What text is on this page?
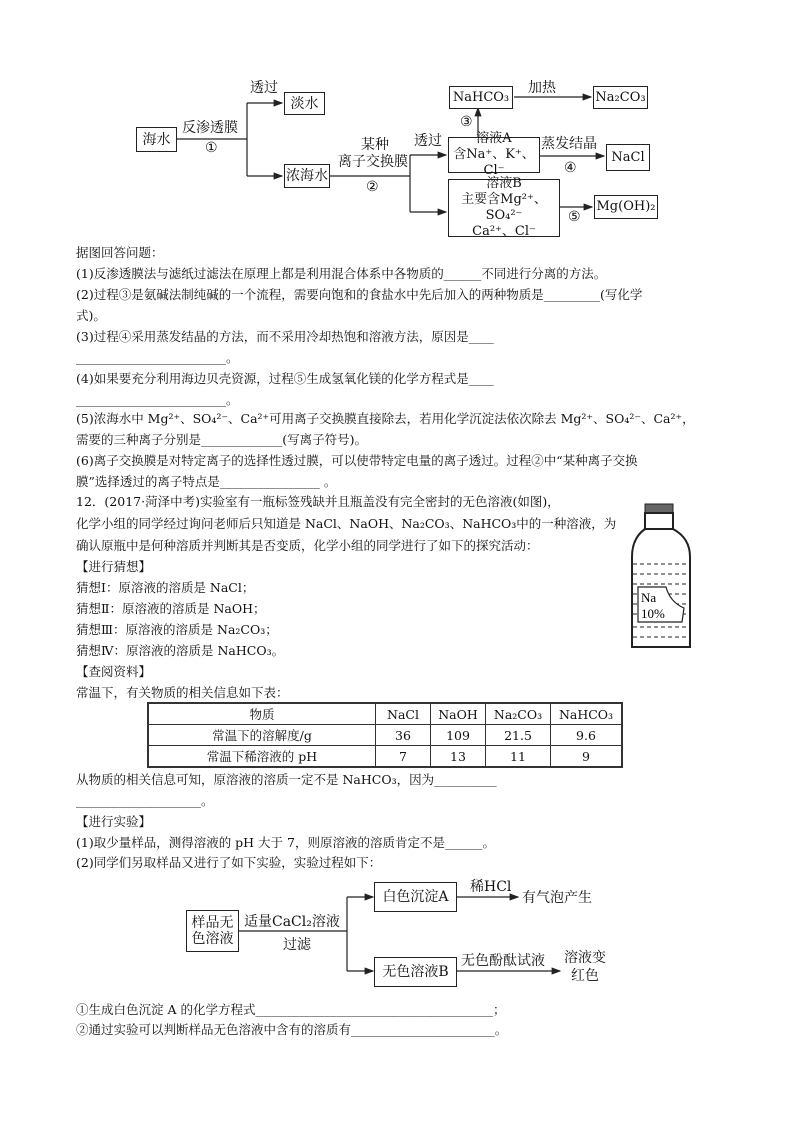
海水
反渗透膜
①
透过
淡水
浓海水
某种
离子交换膜
②
透过	溶液A
含Na⁺、K⁺、Cl⁻
NaHCO₃
③
加热
Na₂CO₃
蒸发结晶
④
NaCl
溶液B
主要含Mg²⁺、SO₄²⁻
Ca²⁺、Cl⁻
⑤
Mg(OH)₂
据图回答问题：
(1)反渗透膜法与滤纸过滤法在原理上都是利用混合体系中各物质的______不同进行分离的方法。
(2)过程③是氨碱法制纯碱的一个流程，需要向饱和的食盐水中先后加入的两种物质是_________(写化学
式)。
(3)过程④采用蒸发结晶的方法，而不采用冷却热饱和溶液方法，原因是____
________________________。
(4)如果要充分利用海边贝壳资源，过程⑤生成氢氧化镁的化学方程式是____
________________________。
(5)浓海水中 Mg²⁺、SO₄²⁻、Ca²⁺可用离子交换膜直接除去，若用化学沉淀法依次除去 Mg²⁺、SO₄²⁻、Ca²⁺，
需要的三种离子分别是_____________(写离子符号)。
(6)离子交换膜是对特定离子的选择性透过膜，可以使带特定电量的离子透过。过程②中“某种离子交换
膜”选择透过的离子特点是________________ 。
12．(2017·菏泽中考)实验室有一瓶标签残缺并且瓶盖没有完全密封的无色溶液(如图)，
化学小组的同学经过询问老师后只知道是 NaCl、NaOH、Na₂CO₃、NaHCO₃中的一种溶液，为
确认原瓶中是何种溶质并判断其是否变质，化学小组的同学进行了如下的探究活动：
【进行猜想】
猜想Ⅰ：原溶液的溶质是 NaCl；
猜想Ⅱ：原溶液的溶质是 NaOH；
猜想Ⅲ：原溶液的溶质是 Na₂CO₃；
猜想Ⅳ：原溶液的溶质是 NaHCO₃。
【查阅资料】
常温下，有关物质的相关信息如下表：
Na
10%
物质	NaCl	NaOH	Na₂CO₃	NaHCO₃
常温下的溶解度/g	36	109	21.5	9.6
常温下稀溶液的 pH	7	13	11	9
从物质的相关信息可知，原溶液的溶质一定不是 NaHCO₃，因为__________
____________________。
【进行实验】
(1)取少量样品，测得溶液的 pH 大于 7，则原溶液的溶质肯定不是______。
(2)同学们另取样品又进行了如下实验，实验过程如下：
样品无
色溶液
适量CaCl₂溶液
过滤
白色沉淀A
稀HCl
有气泡产生
无色溶液B
无色酚酞试液 溶液变
红色
①生成白色沉淀 A 的化学方程式______________________________________；
②通过实验可以判断样品无色溶液中含有的溶质有_______________________。
